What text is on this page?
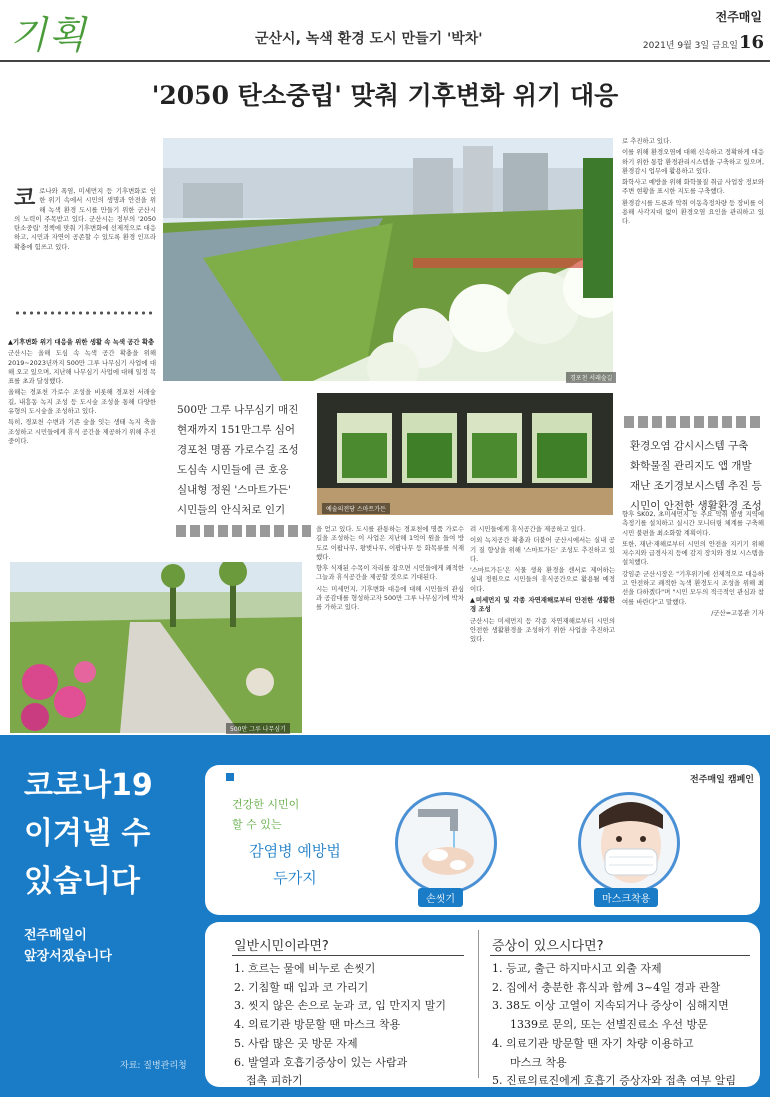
기획	군산시, 녹색 환경 도시 만들기 '박차'
전주매일
2021년 9월 3일 금요일 16
'2050 탄소중립' 맞춰 기후변화 위기 대응
코 로나와 폭염, 미세먼지 등 기후변화로 인한 위기 속에서 시민의 생명과 안전을 위해 녹색 환경 도시를 만들기 위한 군산시의 노력이 주목받고 있다. 군산시는 정부의 '2050 탄소중립' 정책에 맞춰 기후변화에 선제적으로 대응하고, 시민과 자연이 공존할 수 있도록 환경 인프라 확충에 힘쓰고 있다.

▲기후변화 위기 대응을 위한 생활 속 녹색 공간 확충

군산시는 올해 도심 속 녹색 공간 확충을 위해 2019~2023년까지 500만 그루 나무심기 사업에 대해 오고 있으며, 지난해 나무심기 사업에 대해 일정 목표를 초과 달성했다.

올해는 경포천 가로수 조성을 비롯해 경포천 서래숲길, 내흥동 녹지 조성 등 도시숲 조성을 통해 다양한 유형의 도시숲을 조성하고 있다.

특히, 경포천 수변과 기존 숲을 잇는 생태 녹지 축을 조성하고 시민들에게 휴식 공간을 제공하기 위해 추진 중이다.

경포천 서래숲길

로 추진하고 있다.

이를 위해 환경오염에 대해 신속하고 정확하게 대응하기 위한 통합 환경관리시스템을 구축하고 있으며, 환경감시 업무에 활용하고 있다.

화학사고 예방을 위해 화학물질 취급 사업장 정보와 주변 현황을 표시한 지도를 구축했다.

환경감시를 드론과 악취 이동측정차량 등 장비를 이용해 사각지대 없이 환경오염 요인을 관리하고 있다.

환경오염 감시시스템 구축
화학물질 관리지도 앱 개발
재난 조기경보시스템 추진 등
시민이 안전한 생활환경 조성

향후 SK02, 초미세먼지 등 주요 악취 발생 지역에 측정기를 설치하고 실시간 모니터링 체계를 구축해 시민 불편을 최소화할 계획이다.

또한, 재난·재해로부터 시민의 안전을 지키기 위해 저수지와 급경사지 등에 감지 장치와 경보 시스템을 설치했다.

강임준 군산시장은 "기후위기에 선제적으로 대응하고 안전하고 쾌적한 녹색 환경도시 조성을 위해 최선을 다하겠다"며 "시민 모두의 적극적인 관심과 참여를 바란다"고 말했다.

/군산=고봉관 기자

500만 그루 나무심기 매진
현재까지 151만그루 심어
경포천 명품 가로수길 조성
도심속 시민들에 큰 호응
실내형 정원 '스마트가든'
시민들의 안식처로 인기	예술의전당 스마트가든
500만 그루 나무심기

을 얻고 있다. 도시를 관통하는 경포천에 명품 가로수 길을 조성하는 이 사업은 지난해 1억여 원을 들여 방도로 이팝나무, 왕벚나무, 이팝나무 등 화목류를 식재했다.

향후 식재된 수목이 자리를 잡으면 시민들에게 쾌적한 그늘과 휴식공간을 제공할 것으로 기대된다.

시는 미세먼지, 기후변화 대응에 대해 시민들의 관심과 공감대를 형성하고자 500만 그루 나무심기에 박차를 가하고 있다.

려 시민들에게 휴식공간을 제공하고 있다.

이외 녹지공간 확충과 더불어 군산시에서는 실내 공기 질 향상을 위해 '스마트가든' 조성도 추진하고 있다.

'스마트가든'은 식물 생육 환경을 센서로 제어하는 실내 정원으로 시민들의 휴식공간으로 활용될 예정이다.

▲미세먼지 및 각종 자연재해로부터 안전한 생활환경 조성

군산시는 미세먼지 등 각종 자연재해로부터 시민의 안전한 생활환경을 조성하기 위한 사업을 추진하고 있다.

코로나19
이겨낼 수
있습니다
전주매일이
앞장서겠습니다
자료: 질병관리청
전주매일 캠페인
건강한 시민이
할 수 있는
감염병 예방법
두가지
손씻기	마스크착용
일반시민이라면?
1. 흐르는 물에 비누로 손씻기
2. 기침할 때 입과 코 가리기
3. 씻지 않은 손으로 눈과 코, 입 만지지 말기
4. 의료기관 방문할 땐 마스크 착용
5. 사람 많은 곳 방문 자제
6. 발열과 호흡기증상이 있는 사람과
접촉 피하기
증상이 있으시다면?
1. 등교, 출근 하지마시고 외출 자제
2. 집에서 충분한 휴식과 함께 3~4일 경과 관찰
3. 38도 이상 고열이 지속되거나 증상이 심해지면
1339로 문의, 또는 선별진료소 우선 방문
4. 의료기관 방문할 땐 자기 차량 이용하고
마스크 착용
5. 진료의료진에게 호흡기 증상자와 접촉 여부 알림
